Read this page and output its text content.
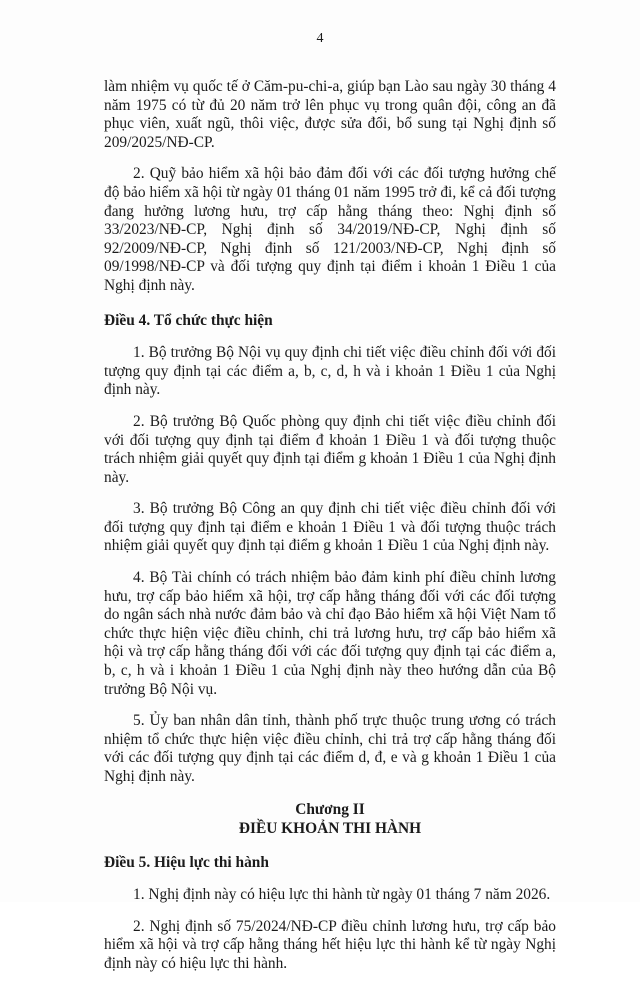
4

làm nhiệm vụ quốc tế ở Căm-pu-chi-a, giúp bạn Lào sau ngày 30 tháng 4 năm 1975 có từ đủ 20 năm trở lên phục vụ trong quân đội, công an đã phục viên, xuất ngũ, thôi việc, được sửa đổi, bổ sung tại Nghị định số 209/2025/NĐ-CP.

2. Quỹ bảo hiểm xã hội bảo đảm đối với các đối tượng hưởng chế độ bảo hiểm xã hội từ ngày 01 tháng 01 năm 1995 trở đi, kể cả đối tượng đang hưởng lương hưu, trợ cấp hằng tháng theo: Nghị định số 33/2023/NĐ-CP, Nghị định số 34/2019/NĐ-CP, Nghị định số 92/2009/NĐ-CP, Nghị định số 121/2003/NĐ-CP, Nghị định số 09/1998/NĐ-CP và đối tượng quy định tại điểm i khoản 1 Điều 1 của Nghị định này.

Điều 4. Tổ chức thực hiện

1. Bộ trưởng Bộ Nội vụ quy định chi tiết việc điều chỉnh đối với đối tượng quy định tại các điểm a, b, c, d, h và i khoản 1 Điều 1 của Nghị định này.

2. Bộ trưởng Bộ Quốc phòng quy định chi tiết việc điều chỉnh đối với đối tượng quy định tại điểm đ khoản 1 Điều 1 và đối tượng thuộc trách nhiệm giải quyết quy định tại điểm g khoản 1 Điều 1 của Nghị định này.

3. Bộ trưởng Bộ Công an quy định chi tiết việc điều chỉnh đối với đối tượng quy định tại điểm e khoản 1 Điều 1 và đối tượng thuộc trách nhiệm giải quyết quy định tại điểm g khoản 1 Điều 1 của Nghị định này.

4. Bộ Tài chính có trách nhiệm bảo đảm kinh phí điều chỉnh lương hưu, trợ cấp bảo hiểm xã hội, trợ cấp hằng tháng đối với các đối tượng do ngân sách nhà nước đảm bảo và chỉ đạo Bảo hiểm xã hội Việt Nam tổ chức thực hiện việc điều chỉnh, chi trả lương hưu, trợ cấp bảo hiểm xã hội và trợ cấp hằng tháng đối với các đối tượng quy định tại các điểm a, b, c, h và i khoản 1 Điều 1 của Nghị định này theo hướng dẫn của Bộ trưởng Bộ Nội vụ.

5. Ủy ban nhân dân tỉnh, thành phố trực thuộc trung ương có trách nhiệm tổ chức thực hiện việc điều chỉnh, chi trả trợ cấp hằng tháng đối với các đối tượng quy định tại các điểm d, đ, e và g khoản 1 Điều 1 của Nghị định này.

Chương II

ĐIỀU KHOẢN THI HÀNH

Điều 5. Hiệu lực thi hành

1. Nghị định này có hiệu lực thi hành từ ngày 01 tháng 7 năm 2026.

2. Nghị định số 75/2024/NĐ-CP điều chỉnh lương hưu, trợ cấp bảo hiểm xã hội và trợ cấp hằng tháng hết hiệu lực thi hành kể từ ngày Nghị định này có hiệu lực thi hành.
